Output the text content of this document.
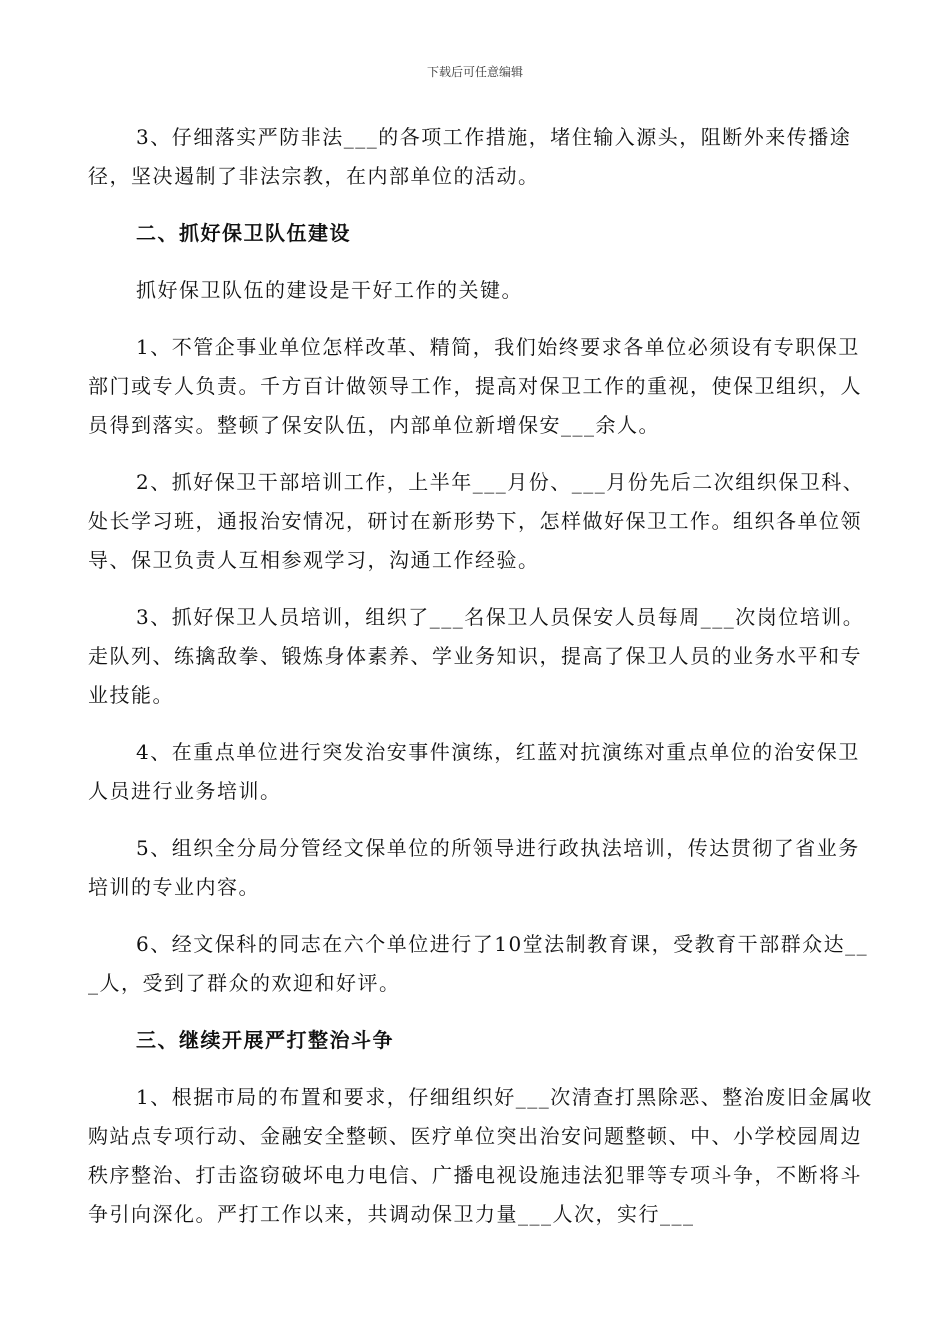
下载后可任意编辑

3、仔细落实严防非法___的各项工作措施，堵住输入源头，阻断外来传播途径，坚决遏制了非法宗教，在内部单位的活动。

二、抓好保卫队伍建设

抓好保卫队伍的建设是干好工作的关键。

1、不管企事业单位怎样改革、精简，我们始终要求各单位必须设有专职保卫部门或专人负责。千方百计做领导工作，提高对保卫工作的重视，使保卫组织，人员得到落实。整顿了保安队伍，内部单位新增保安___余人。

2、抓好保卫干部培训工作，上半年___月份、___月份先后二次组织保卫科、处长学习班，通报治安情况，研讨在新形势下，怎样做好保卫工作。组织各单位领导、保卫负责人互相参观学习，沟通工作经验。

3、抓好保卫人员培训，组织了___名保卫人员保安人员每周___次岗位培训。走队列、练擒敌拳、锻炼身体素养、学业务知识，提高了保卫人员的业务水平和专业技能。

4、在重点单位进行突发治安事件演练，红蓝对抗演练对重点单位的治安保卫人员进行业务培训。

5、组织全分局分管经文保单位的所领导进行政执法培训，传达贯彻了省业务培训的专业内容。

6、经文保科的同志在六个单位进行了10堂法制教育课，受教育干部群众达___人，受到了群众的欢迎和好评。

三、继续开展严打整治斗争

1、根据市局的布置和要求，仔细组织好___次清查打黑除恶、整治废旧金属收购站点专项行动、金融安全整顿、医疗单位突出治安问题整顿、中、小学校园周边秩序整治、打击盗窃破坏电力电信、广播电视设施违法犯罪等专项斗争，不断将斗争引向深化。严打工作以来，共调动保卫力量___人次，实行___
